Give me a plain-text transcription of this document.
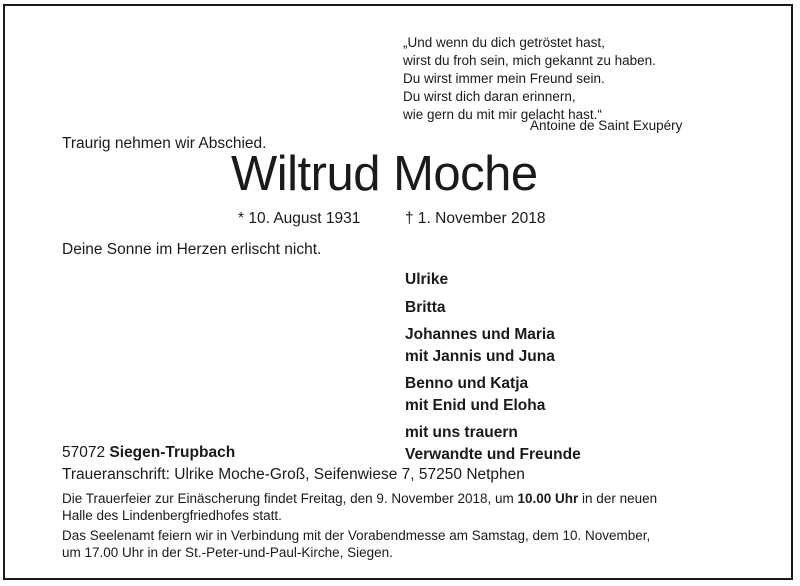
„Und wenn du dich getröstet hast,
wirst du froh sein, mich gekannt zu haben.
Du wirst immer mein Freund sein.
Du wirst dich daran erinnern,
wie gern du mit mir gelacht hast.“
Antoine de Saint Exupéry
Traurig nehmen wir Abschied.
Wiltrud Moche
* 10. August 1931	† 1. November 2018
Deine Sonne im Herzen erlischt nicht.
Ulrike
Britta
Johannes und Maria
mit Jannis und Juna
Benno und Katja
mit Enid und Eloha
mit uns trauern
Verwandte und Freunde
57072 Siegen-Trupbach
Traueranschrift: Ulrike Moche-Groß, Seifenwiese 7, 57250 Netphen

Die Trauerfeier zur Einäscherung findet Freitag, den 9. November 2018, um 10.00 Uhr in der neuen
Halle des Lindenbergfriedhofes statt.

Das Seelenamt feiern wir in Verbindung mit der Vorabendmesse am Samstag, dem 10. November,
um 17.00 Uhr in der St.-Peter-und-Paul-Kirche, Siegen.
